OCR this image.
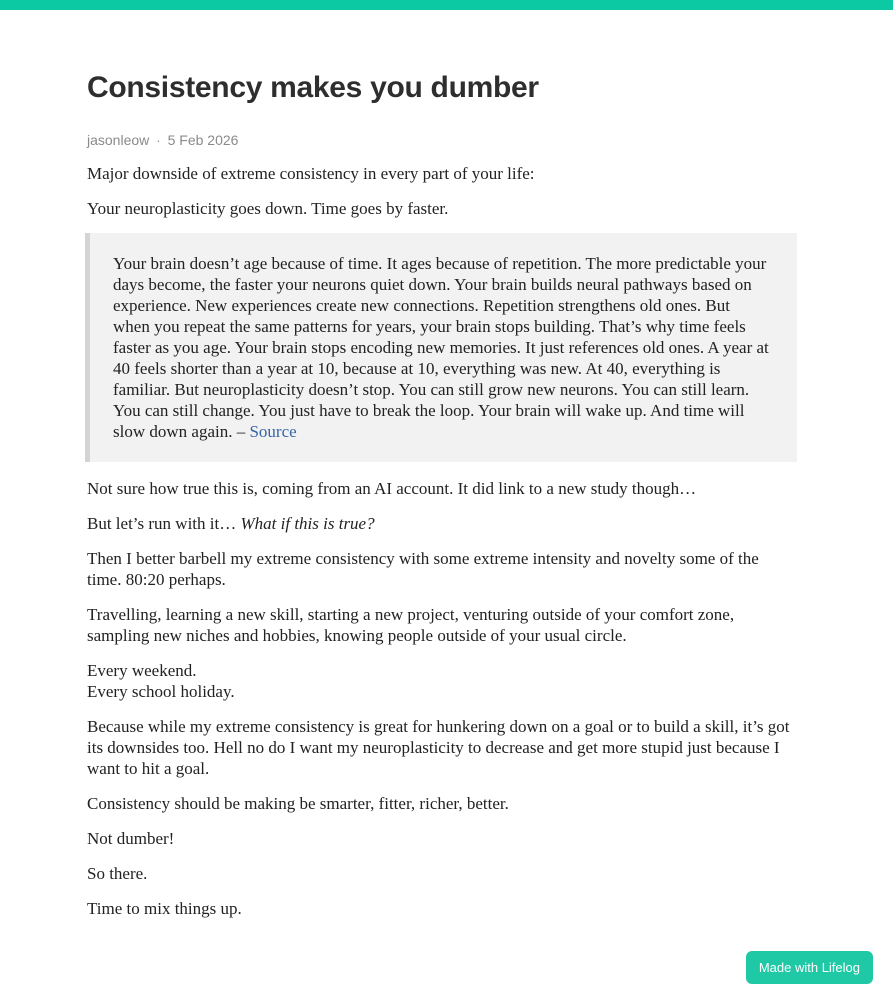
Consistency makes you dumber
jasonleow · 5 Feb 2026

Major downside of extreme consistency in every part of your life:

Your neuroplasticity goes down. Time goes by faster.

Your brain doesn’t age because of time. It ages because of repetition. The more predictable your days become, the faster your neurons quiet down. Your brain builds neural pathways based on experience. New experiences create new connections. Repetition strengthens old ones. But when you repeat the same patterns for years, your brain stops building. That’s why time feels faster as you age. Your brain stops encoding new memories. It just references old ones. A year at 40 feels shorter than a year at 10, because at 10, everything was new. At 40, everything is familiar. But neuroplasticity doesn’t stop. You can still grow new neurons. You can still learn. You can still change. You just have to break the loop. Your brain will wake up. And time will slow down again. – Source

Not sure how true this is, coming from an AI account. It did link to a new study though…

But let’s run with it… What if this is true?

Then I better barbell my extreme consistency with some extreme intensity and novelty some of the time. 80:20 perhaps.

Travelling, learning a new skill, starting a new project, venturing outside of your comfort zone, sampling new niches and hobbies, knowing people outside of your usual circle.

Every weekend.
Every school holiday.

Because while my extreme consistency is great for hunkering down on a goal or to build a skill, it’s got its downsides too. Hell no do I want my neuroplasticity to decrease and get more stupid just because I want to hit a goal.

Consistency should be making be smarter, fitter, richer, better.

Not dumber!

So there.

Time to mix things up.

Made with Lifelog
